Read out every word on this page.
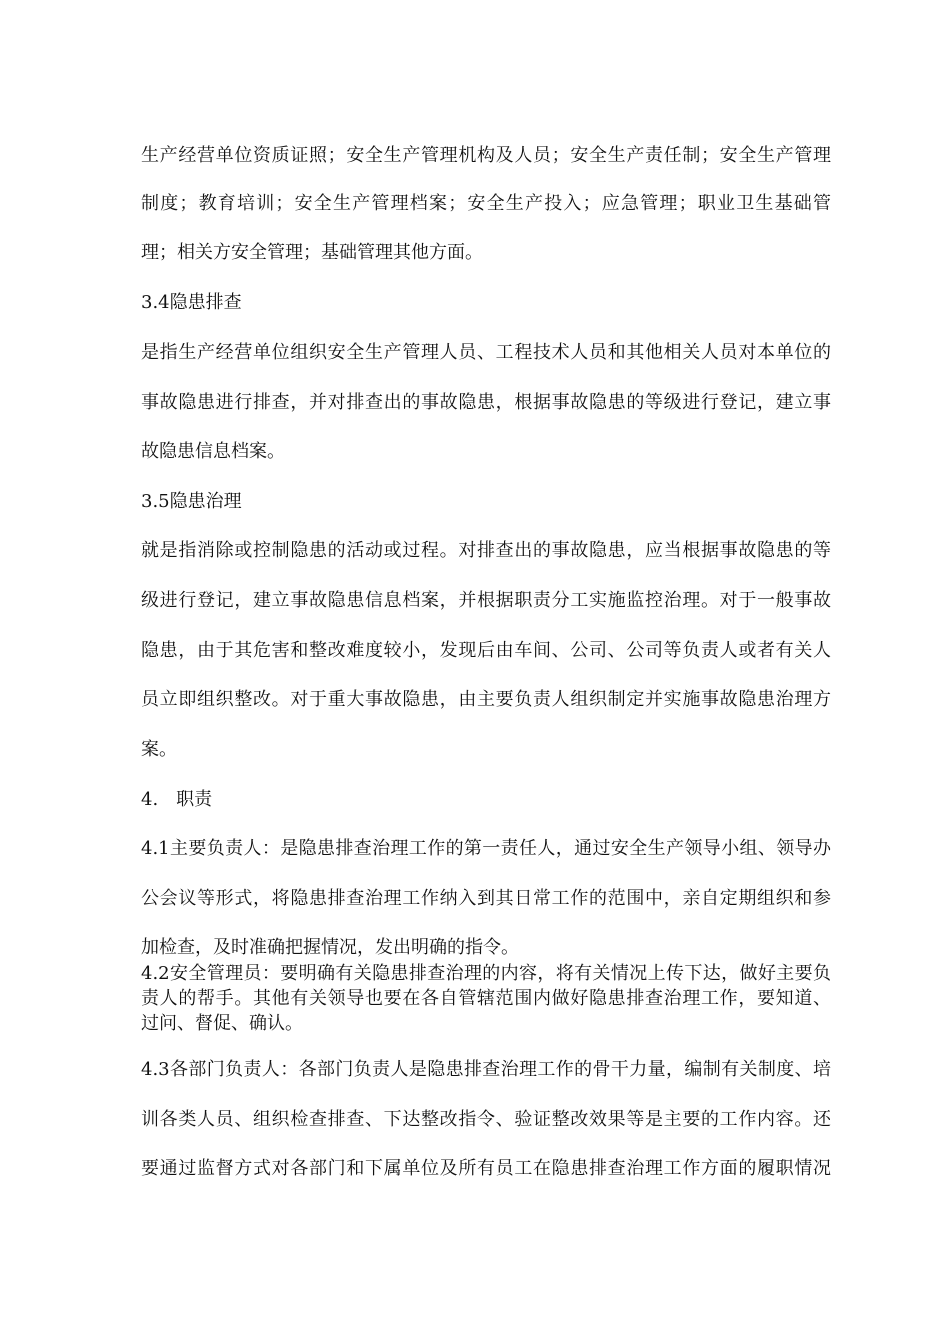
生产经营单位资质证照；安全生产管理机构及人员；安全生产责任制；安全生产管理
制度；教育培训；安全生产管理档案；安全生产投入；应急管理；职业卫生基础管
理；相关方安全管理；基础管理其他方面。
3.4隐患排查
是指生产经营单位组织安全生产管理人员、工程技术人员和其他相关人员对本单位的
事故隐患进行排查，并对排查出的事故隐患，根据事故隐患的等级进行登记，建立事
故隐患信息档案。
3.5隐患治理
就是指消除或控制隐患的活动或过程。对排查出的事故隐患，应当根据事故隐患的等
级进行登记，建立事故隐患信息档案，并根据职责分工实施监控治理。对于一般事故
隐患，由于其危害和整改难度较小，发现后由车间、公司、公司等负责人或者有关人
员立即组织整改。对于重大事故隐患，由主要负责人组织制定并实施事故隐患治理方
案。
4.　职责
4.1主要负责人：是隐患排查治理工作的第一责任人，通过安全生产领导小组、领导办
公会议等形式，将隐患排查治理工作纳入到其日常工作的范围中，亲自定期组织和参
加检查，及时准确把握情况，发出明确的指令。
4.2安全管理员：要明确有关隐患排查治理的内容，将有关情况上传下达，做好主要负
责人的帮手。其他有关领导也要在各自管辖范围内做好隐患排查治理工作，要知道、
过问、督促、确认。
4.3各部门负责人：各部门负责人是隐患排查治理工作的骨干力量，编制有关制度、培
训各类人员、组织检查排查、下达整改指令、验证整改效果等是主要的工作内容。还
要通过监督方式对各部门和下属单位及所有员工在隐患排查治理工作方面的履职情况
